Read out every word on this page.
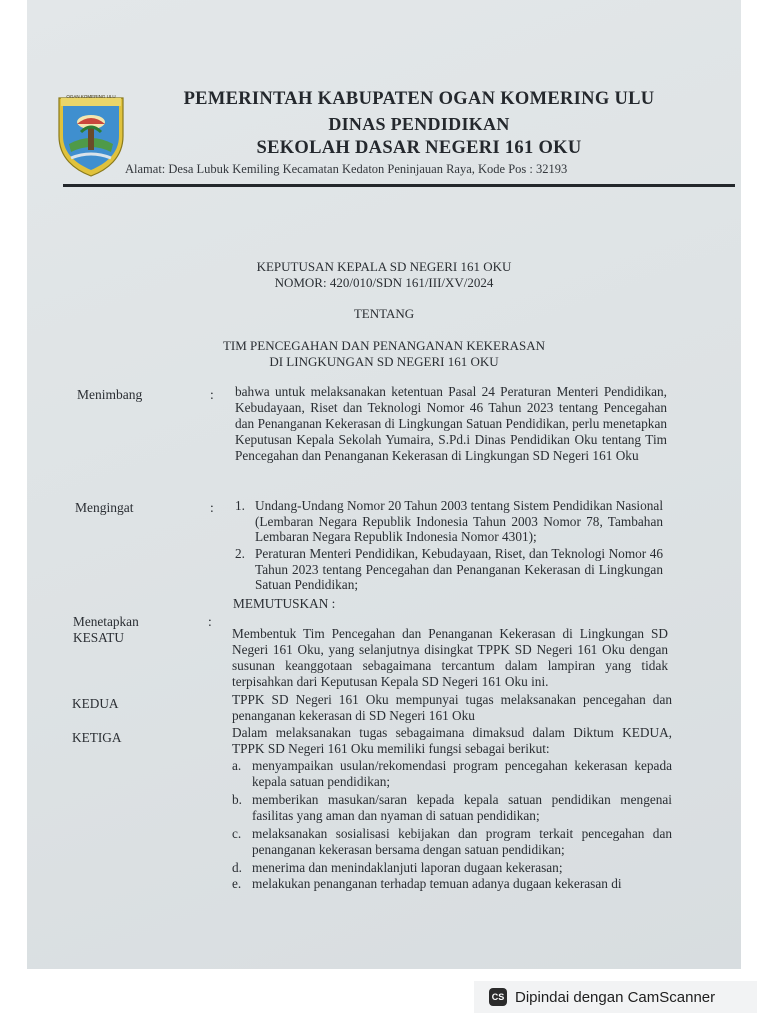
OGAN KOMERING ULU	PEMERINTAH KABUPATEN OGAN KOMERING ULU
DINAS PENDIDIKAN
SEKOLAH DASAR NEGERI 161 OKU
Alamat: Desa Lubuk Kemiling Kecamatan Kedaton Peninjauan Raya, Kode Pos : 32193
KEPUTUSAN KEPALA SD NEGERI 161 OKU
NOMOR: 420/010/SDN 161/III/XV/2024
TENTANG
TIM PENCEGAHAN DAN PENANGANAN KEKERASAN
DI LINGKUNGAN SD NEGERI 161 OKU
Menimbang	: bahwa untuk melaksanakan ketentuan Pasal 24 Peraturan Menteri Pendidikan, Kebudayaan, Riset dan Teknologi Nomor 46 Tahun 2023 tentang Pencegahan dan Penanganan Kekerasan di Lingkungan Satuan Pendidikan, perlu menetapkan Keputusan Kepala Sekolah Yumaira, S.Pd.i Dinas Pendidikan Oku tentang Tim Pencegahan dan Penanganan Kekerasan di Lingkungan SD Negeri 161 Oku
Mengingat	: 1. Undang-Undang Nomor 20 Tahun 2003 tentang Sistem Pendidikan Nasional (Lembaran Negara Republik Indonesia Tahun 2003 Nomor 78, Tambahan Lembaran Negara Republik Indonesia Nomor 4301);
2. Peraturan Menteri Pendidikan, Kebudayaan, Riset, dan Teknologi Nomor 46 Tahun 2023 tentang Pencegahan dan Penanganan Kekerasan di Lingkungan Satuan Pendidikan;
MEMUTUSKAN :
Menetapkan	:
KESATU	Membentuk Tim Pencegahan dan Penanganan Kekerasan di Lingkungan SD Negeri 161 Oku, yang selanjutnya disingkat TPPK SD Negeri 161 Oku dengan susunan keanggotaan sebagaimana tercantum dalam lampiran yang tidak terpisahkan dari Keputusan Kepala SD Negeri 161 Oku ini.
KEDUA	TPPK SD Negeri 161 Oku mempunyai tugas melaksanakan pencegahan dan penanganan kekerasan di SD Negeri 161 Oku
KETIGA	Dalam melaksanakan tugas sebagaimana dimaksud dalam Diktum KEDUA, TPPK SD Negeri 161 Oku memiliki fungsi sebagai berikut:
a. menyampaikan usulan/rekomendasi program pencegahan kekerasan kepada kepala satuan pendidikan;
b. memberikan masukan/saran kepada kepala satuan pendidikan mengenai fasilitas yang aman dan nyaman di satuan pendidikan;
c. melaksanakan sosialisasi kebijakan dan program terkait pencegahan dan penanganan kekerasan bersama dengan satuan pendidikan;
d. menerima dan menindaklanjuti laporan dugaan kekerasan;
e. melakukan penanganan terhadap temuan adanya dugaan kekerasan di
CS Dipindai dengan CamScanner
